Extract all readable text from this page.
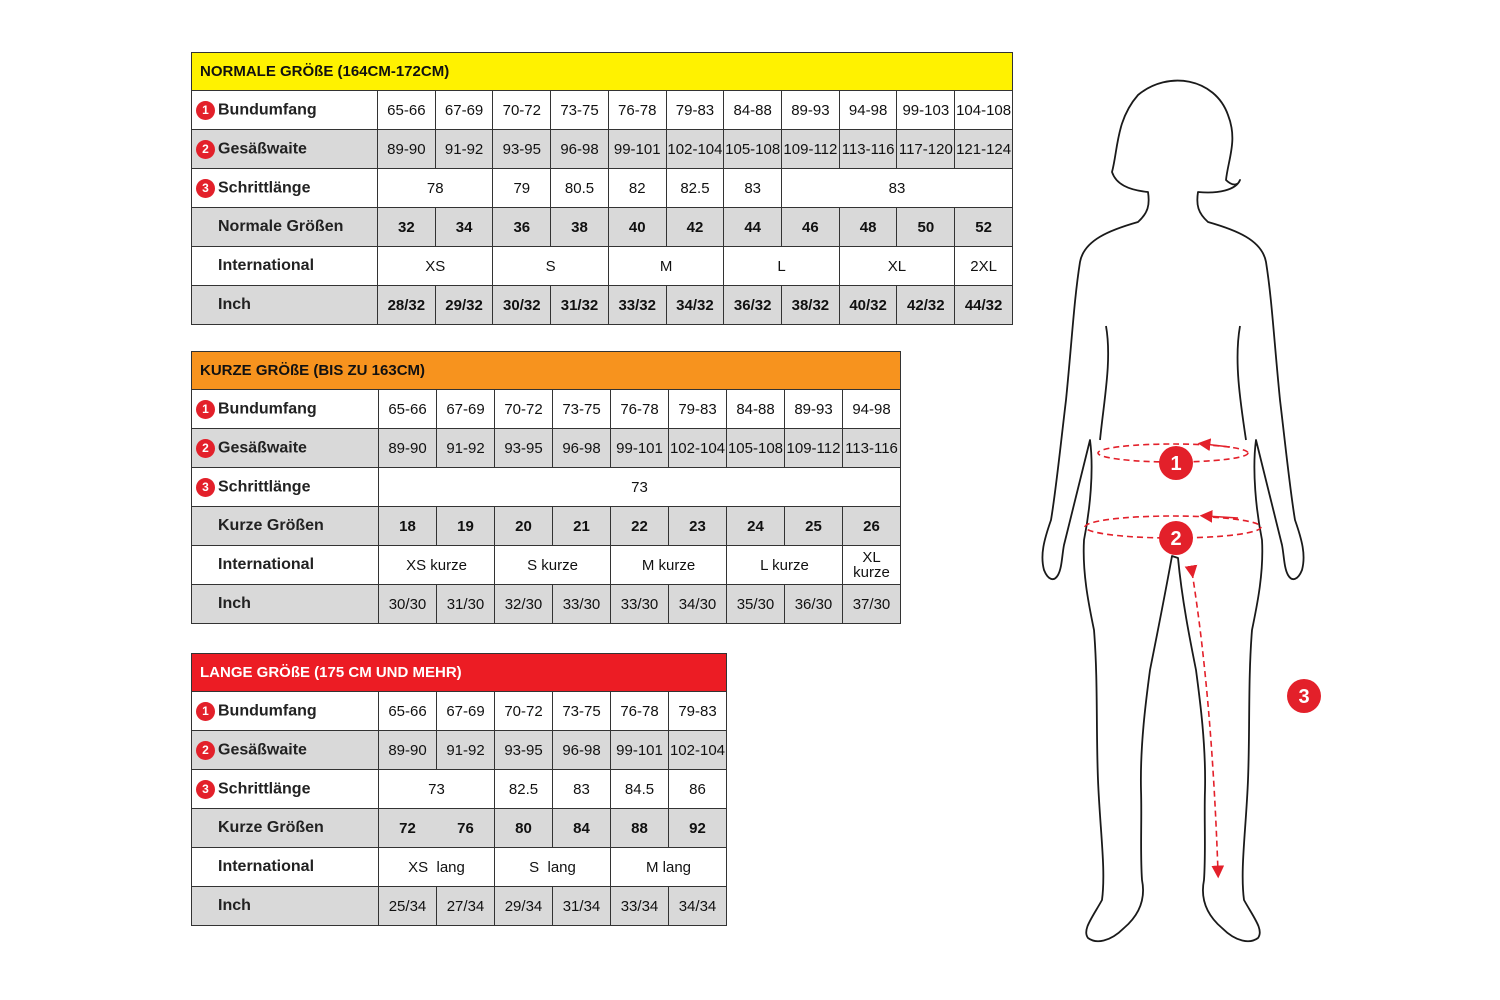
NORMALE GRÖßE (164CM-172CM)											
1 Bundumfang	65-66	67-69	70-72	73-75	76-78	79-83	84-88	89-93	94-98	99-103	104-108
2 Gesäßwaite	89-90	91-92	93-95	96-98	99-101	102-104	105-108	109-112	113-116	117-120	121-124
3 Schrittlänge	78		79	80.5	82	82.5	83	83			
Normale Größen	32	34	36	38	40	42	44	46	48	50	52
International	XS		S		M		L		XL		2XL
Inch	28/32	29/32	30/32	31/32	33/32	34/32	36/32	38/32	40/32	42/32	44/32
KURZE GRÖßE (BIS ZU 163CM)									
1 Bundumfang	65-66	67-69	70-72	73-75	76-78	79-83	84-88	89-93	94-98
2 Gesäßwaite	89-90	91-92	93-95	96-98	99-101	102-104	105-108	109-112	113-116
3 Schrittlänge	73								
Kurze Größen	18	19	20	21	22	23	24	25	26
International	XS kurze		S kurze		M kurze		L kurze		XL
kurze
Inch	30/30	31/30	32/30	33/30	33/30	34/30	35/30	36/30	37/30
LANGE GRÖßE (175 CM UND MEHR)						
1 Bundumfang	65-66	67-69	70-72	73-75	76-78	79-83
2 Gesäßwaite	89-90	91-92	93-95	96-98	99-101	102-104
3 Schrittlänge	73		82.5	83	84.5	86
Kurze Größen	72	76	80	84	88	92
International	XS  lang		S  lang		M lang	
Inch	25/34	27/34	29/34	31/34	33/34	34/34
1
2
3
